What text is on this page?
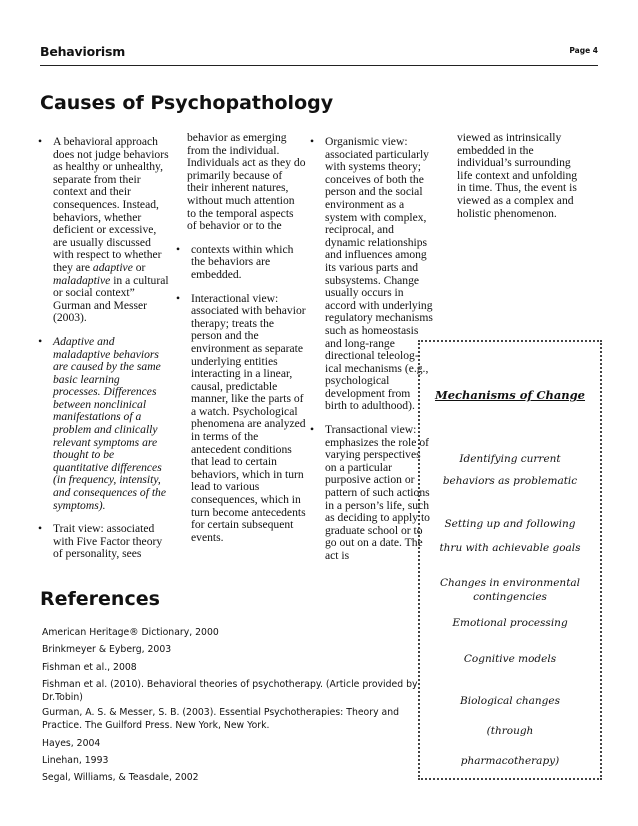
Behaviorism	Page 4
Causes of Psychopathology
• A behavioral approach does not judge behaviors as healthy or unhealthy, separate from their context and their consequences. Instead, behaviors, whether deficient or excessive, are usually discussed with respect to whether they are adaptive or maladaptive in a cultural or social context” Gurman and Messer (2003).
• Adaptive and maladaptive behaviors are caused by the same basic learning processes. Differences between nonclinical manifestations of a problem and clinically relevant symptoms are thought to be quantitative differences (in frequency, intensity, and consequences of the symptoms).
• Trait view: associated with Five Factor theory of personality, sees
behavior as emerging from the individual. Individuals act as they do primarily because of their inherent natures, without much attention to the temporal aspects of behavior or to the
• contexts within which the behaviors are embedded.
• Interactional view: associated with behavior therapy; treats the person and the environment as separate underlying entities interacting in a linear, causal, predictable manner, like the parts of a watch. Psychological phenomena are analyzed in terms of the antecedent conditions that lead to certain behaviors, which in turn lead to various consequences, which in turn become antecedents for certain subsequent events.
• Organismic view: associated particularly with systems theory; conceives of both the person and the social environment as a system with complex, reciprocal, and dynamic relationships and influences among its various parts and subsystems. Change usually occurs in accord with underlying regulatory mechanisms such as homeostasis and long-range directional teleolog-ical mechanisms (e.g., psychological development from birth to adulthood).
• Transactional view: emphasizes the role of varying perspectives on a particular purposive action or pattern of such actions in a person’s life, such as deciding to apply to graduate school or to go out on a date. The act is
viewed as intrinsically embedded in the individual’s surrounding life context and unfolding in time. Thus, the event is viewed as a complex and holistic phenomenon.
Mechanisms of Change
Identifying current behaviors as problematic
Setting up and following thru with achievable goals
Changes in environmental contingencies
Emotional processing
Cognitive models
Biological changes (through pharmacotherapy)
References
American Heritage® Dictionary, 2000
Brinkmeyer & Eyberg, 2003
Fishman et al., 2008
Fishman et al. (2010). Behavioral theories of psychotherapy. (Article provided by Dr.Tobin)
Gurman, A. S. & Messer, S. B. (2003). Essential Psychotherapies: Theory and Practice. The Guilford Press. New York, New York.
Hayes, 2004
Linehan, 1993
Segal, Williams, & Teasdale, 2002
